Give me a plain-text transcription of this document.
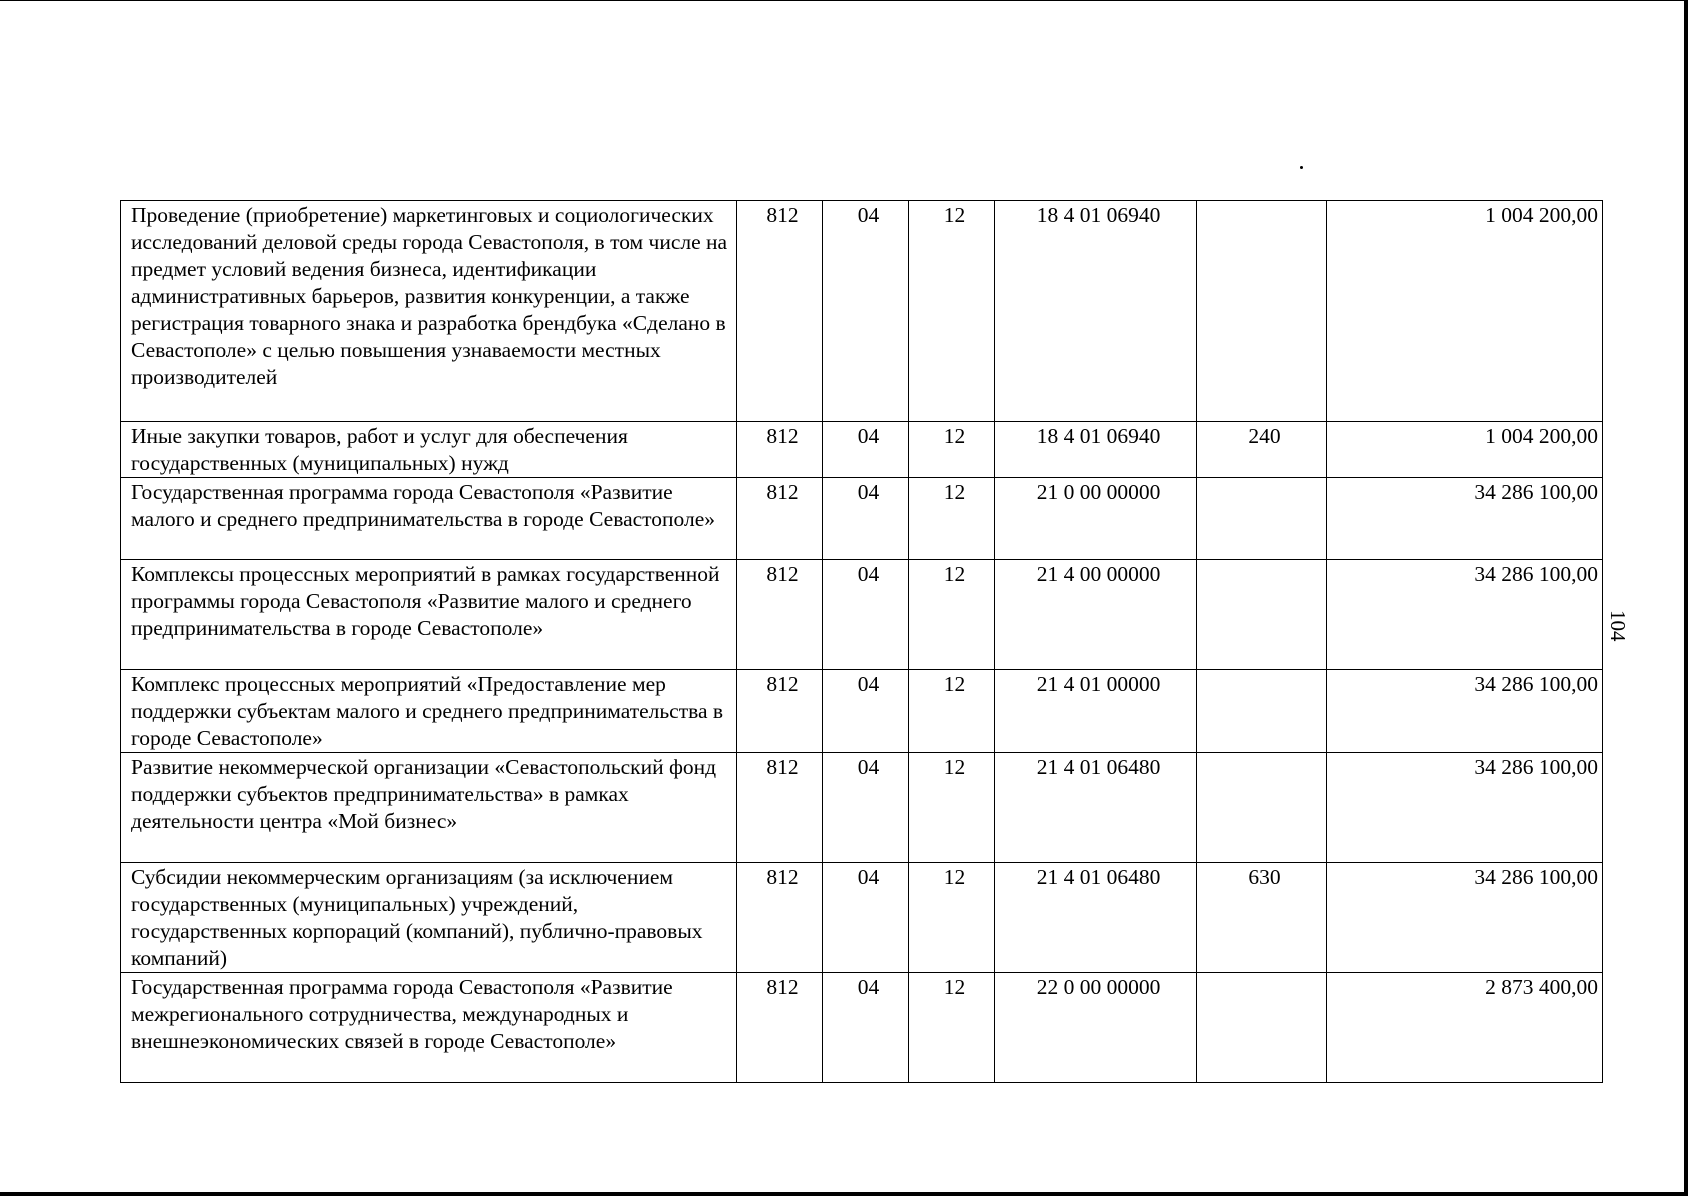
104
Проведение (приобретение) маркетинговых и социологических исследований деловой среды города Севастополя, в том числе на предмет условий ведения бизнеса, идентификации административных барьеров, развития конкуренции, а также регистрация товарного знака и разработка брендбука «Сделано в Севастополе» с целью повышения узнаваемости местных производителей	812	04	12	18 4 01 06940		1 004 200,00
Иные закупки товаров, работ и услуг для обеспечения государственных (муниципальных) нужд	812	04	12	18 4 01 06940	240	1 004 200,00
Государственная программа города Севастополя «Развитие малого и среднего предпринимательства в городе Севастополе»	812	04	12	21 0 00 00000		34 286 100,00
Комплексы процессных мероприятий в рамках государственной программы города Севастополя «Развитие малого и среднего предпринимательства в городе Севастополе»	812	04	12	21 4 00 00000		34 286 100,00
Комплекс процессных мероприятий «Предоставление мер поддержки субъектам малого и среднего предпринимательства в городе Севастополе»	812	04	12	21 4 01 00000		34 286 100,00
Развитие некоммерческой организации «Севастопольский фонд поддержки субъектов предпринимательства» в рамках деятельности центра «Мой бизнес»	812	04	12	21 4 01 06480		34 286 100,00
Субсидии некоммерческим организациям (за исключением государственных (муниципальных) учреждений, государственных корпораций (компаний), публично-правовых компаний)	812	04	12	21 4 01 06480	630	34 286 100,00
Государственная программа города Севастополя «Развитие межрегионального сотрудничества, международных и внешнеэкономических связей в городе Севастополе»	812	04	12	22 0 00 00000		2 873 400,00
